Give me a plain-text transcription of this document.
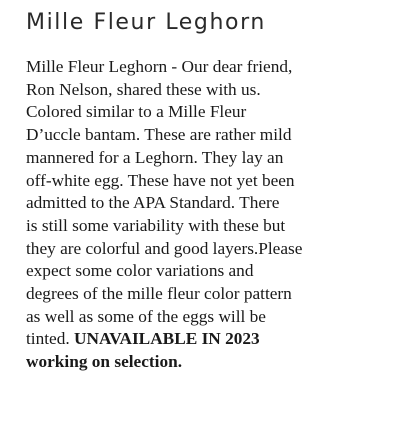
Mille Fleur Leghorn
Mille Fleur Leghorn - Our dear friend,
Ron Nelson, shared these with us.
Colored similar to a Mille Fleur
D’uccle bantam. These are rather mild
mannered for a Leghorn. They lay an
off-white egg. These have not yet been
admitted to the APA Standard. There
is still some variability with these but
they are colorful and good layers.Please
expect some color variations and
degrees of the mille fleur color pattern
as well as some of the eggs will be
tinted. UNAVAILABLE IN 2023
working on selection.
